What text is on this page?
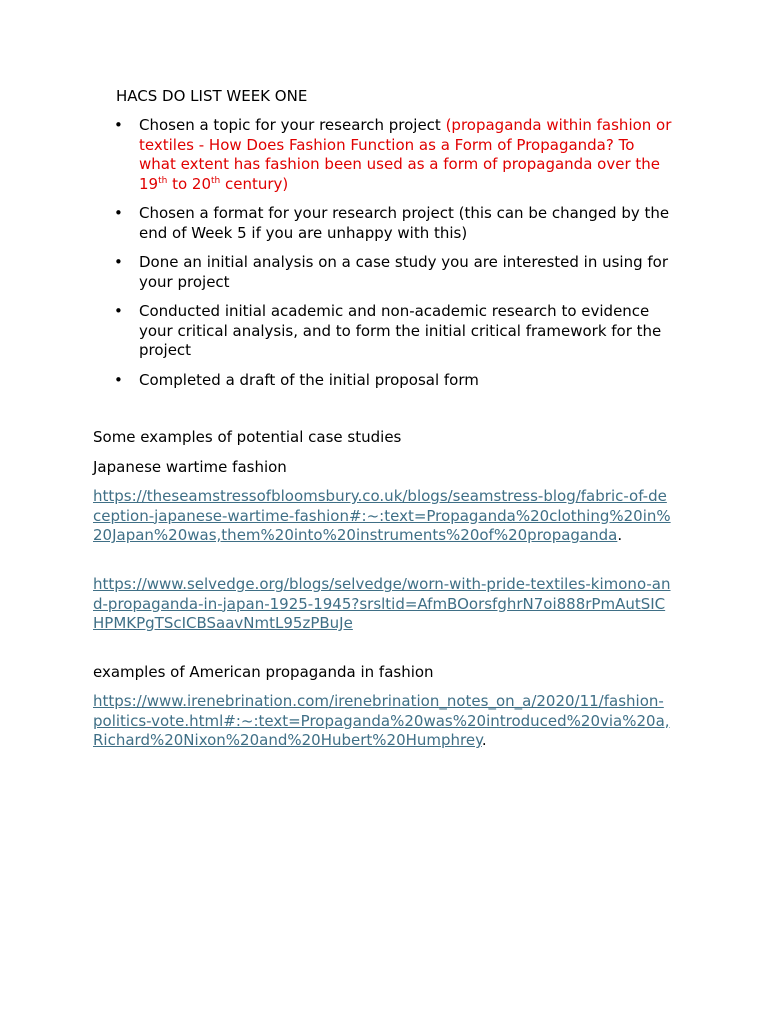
HACS DO LIST WEEK ONE

• Chosen a topic for your research project (propaganda within fashion or textiles - How Does Fashion Function as a Form of Propaganda? To what extent has fashion been used as a form of propaganda over the 19th to 20th century)
• Chosen a format for your research project (this can be changed by the end of Week 5 if you are unhappy with this)
• Done an initial analysis on a case study you are interested in using for your project
• Conducted initial academic and non-academic research to evidence your critical analysis, and to form the initial critical framework for the project
• Completed a draft of the initial proposal form

Some examples of potential case studies

Japanese wartime fashion

https://theseamstressofbloomsbury.co.uk/blogs/seamstress-blog/fabric-of-deception-japanese-wartime-fashion#:~:text=Propaganda%20clothing%20in%20Japan%20was,them%20into%20instruments%20of%20propaganda.

https://www.selvedge.org/blogs/selvedge/worn-with-pride-textiles-kimono-and-propaganda-in-japan-1925-1945?srsltid=AfmBOorsfghrN7oi888rPmAutSICHPMKPgTScICBSaavNmtL95zPBuJe

examples of American propaganda in fashion

https://www.irenebrination.com/irenebrination_notes_on_a/2020/11/fashion-politics-vote.html#:~:text=Propaganda%20was%20introduced%20via%20a,Richard%20Nixon%20and%20Hubert%20Humphrey.
